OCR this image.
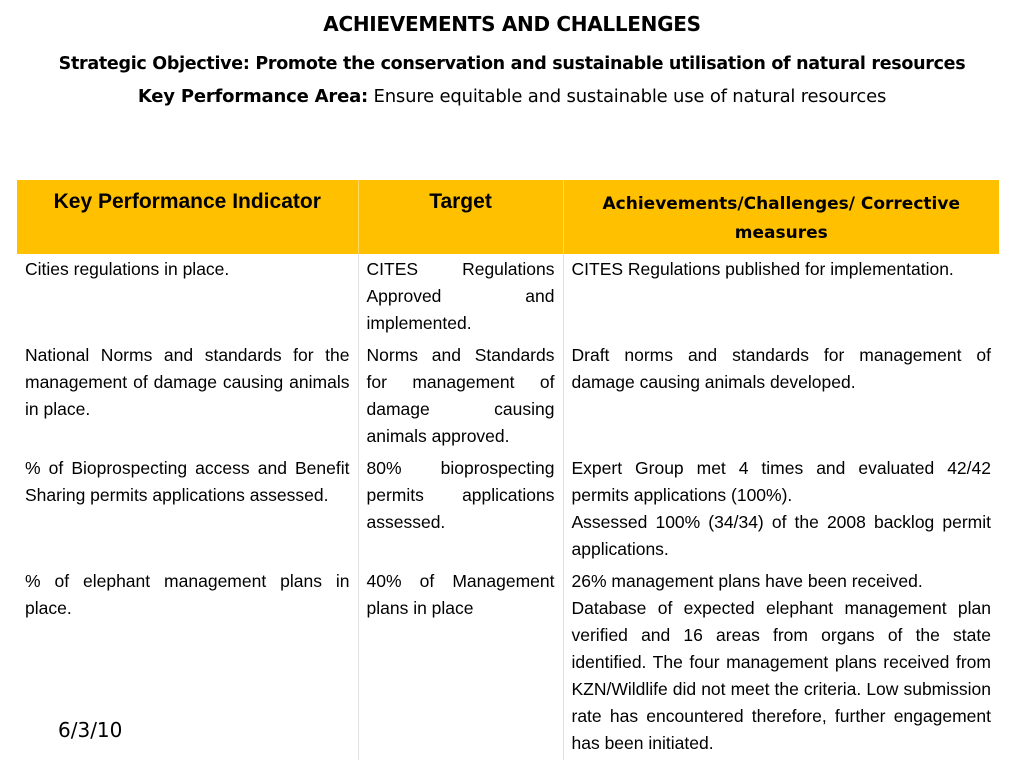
ACHIEVEMENTS AND CHALLENGES
Strategic Objective: Promote the conservation and sustainable utilisation of natural resources
Key Performance Area: Ensure equitable and sustainable use of natural resources
Key Performance Indicator	Target	Achievements/Challenges/ Corrective measures
Cities regulations in place.	CITES Regulations Approved and implemented.	CITES Regulations published for implementation.

National Norms and standards for the management of damage causing animals in place.	Norms and Standards for management of damage causing animals approved.	Draft norms and standards for management of damage causing animals developed.

% of Bioprospecting access and Benefit Sharing permits applications assessed.	80% bioprospecting permits applications assessed.	Expert Group met 4 times and evaluated 42/42 permits applications (100%).

Assessed 100% (34/34) of the 2008 backlog permit applications.

% of elephant management plans in place.	40% of Management plans in place	26% management plans have been received.

Database of expected elephant management plan verified and 16 areas from organs of the state identified. The four management plans received from KZN/Wildlife did not meet the criteria. Low submission rate has encountered therefore, further engagement has been initiated.

6/3/10
